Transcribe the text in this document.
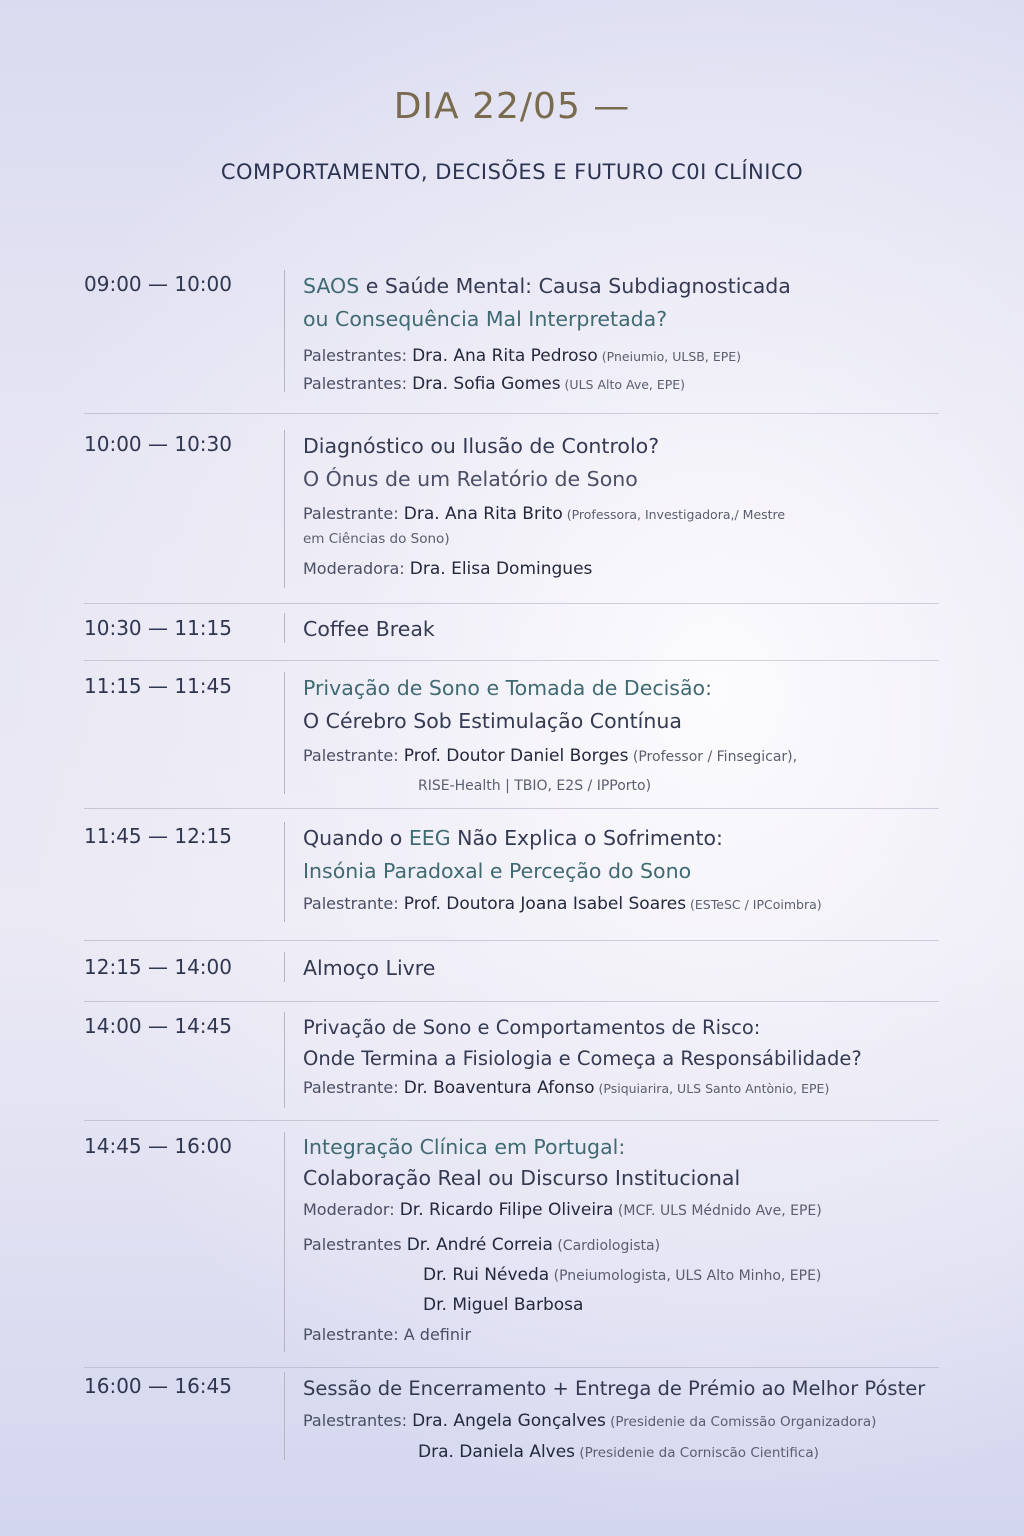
DIA 22/05 —
COMPORTAMENTO, DECISÕES E FUTURO C0I CLÍNICO
09:00 — 10:00	SAOS e Saúde Mental: Causa Subdiagnosticada
ou Consequência Mal Interpretada?
Palestrantes: Dra. Ana Rita Pedroso (Pneiumio, ULSB, EPE)
Palestrantes: Dra. Sofia Gomes (ULS Alto Ave, EPE)
10:00 — 10:30	Diagnóstico ou Ilusão de Controlo?
O Ónus de um Relatório de Sono
Palestrante: Dra. Ana Rita Brito (Professora, Investigadora,/ Mestre
em Ciências do Sono)
Moderadora: Dra. Elisa Domingues
10:30 — 11:15	Coffee Break
11:15 — 11:45	Privação de Sono e Tomada de Decisão:
O Cérebro Sob Estimulação Contínua
Palestrante: Prof. Doutor Daniel Borges (Professor / Finsegicar),
RISE-Health | TBIO, E2S / IPPorto)
11:45 — 12:15	Quando o EEG Não Explica o Sofrimento:
Insónia Paradoxal e Perceção do Sono
Palestrante: Prof. Doutora Joana Isabel Soares (ESTeSC / IPCoimbra)
12:15 — 14:00	Almoço Livre
14:00 — 14:45	Privação de Sono e Comportamentos de Risco:
Onde Termina a Fisiologia e Começa a Responsábilidade?
Palestrante: Dr. Boaventura Afonso (Psiquiarira, ULS Santo Antònio, EPE)
14:45 — 16:00	Integração Clínica em Portugal:
Colaboração Real ou Discurso Institucional
Moderador: Dr. Ricardo Filipe Oliveira (MCF. ULS Médnido Ave, EPE)
Palestrantes Dr. André Correia (Cardiologista)
Dr. Rui Néveda (Pneiumologista, ULS Alto Minho, EPE)
Dr. Miguel Barbosa
Palestrante: A definir
16:00 — 16:45	Sessão de Encerramento + Entrega de Prémio ao Melhor Póster
Palestrantes: Dra. Angela Gonçalves (Presidenie da Comissão Organizadora)
Dra. Daniela Alves (Presidenie da Corniscão Cientifica)
